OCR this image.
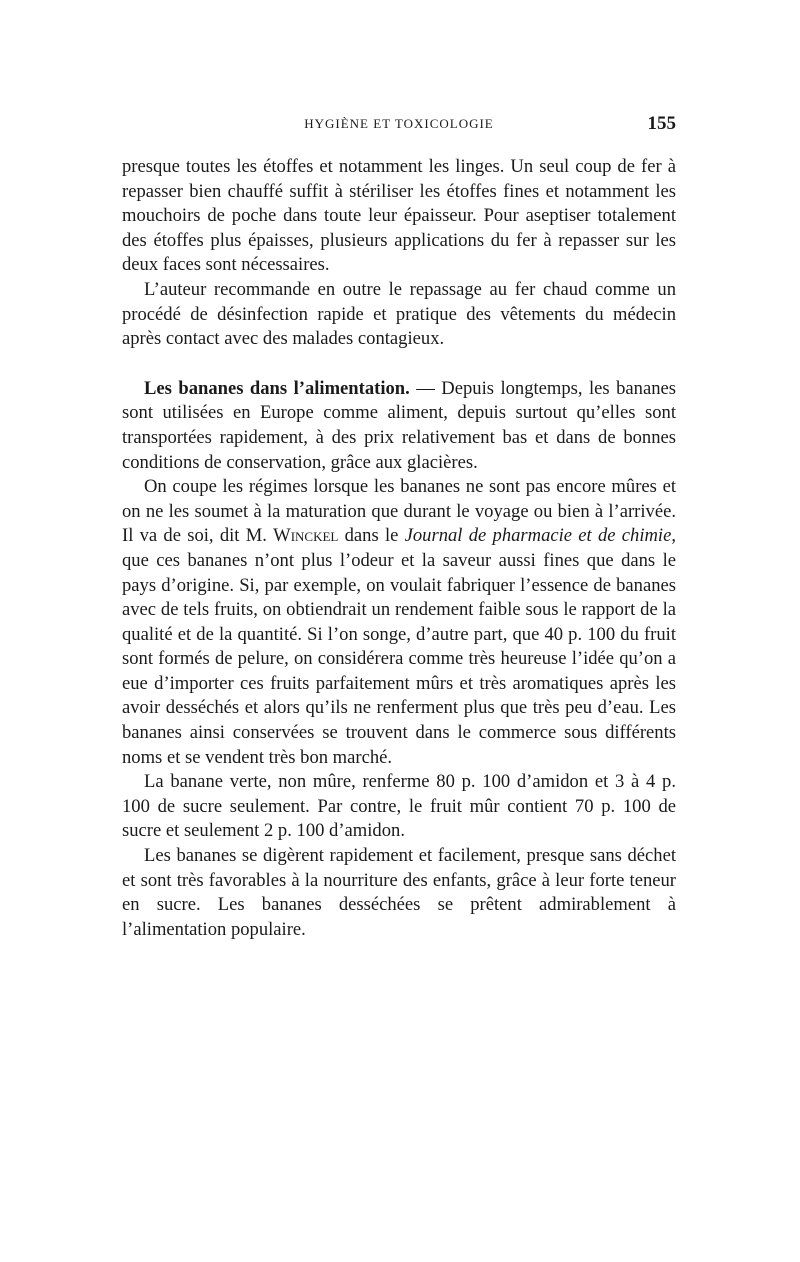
HYGIÈNE ET TOXICOLOGIE	155

presque toutes les étoffes et notamment les linges. Un seul coup de fer à repasser bien chauffé suffit à stériliser les étoffes fines et notamment les mouchoirs de poche dans toute leur épaisseur. Pour aseptiser totalement des étoffes plus épaisses, plusieurs applications du fer à repasser sur les deux faces sont nécessaires.

L’auteur recommande en outre le repassage au fer chaud comme un procédé de désinfection rapide et pratique des vêtements du médecin après contact avec des malades contagieux.

Les bananes dans l’alimentation. — Depuis longtemps, les bananes sont utilisées en Europe comme aliment, depuis surtout qu’elles sont transportées rapidement, à des prix relativement bas et dans de bonnes conditions de conservation, grâce aux glacières.

On coupe les régimes lorsque les bananes ne sont pas encore mûres et on ne les soumet à la maturation que durant le voyage ou bien à l’arrivée. Il va de soi, dit M. Winckel dans le Journal de pharmacie et de chimie, que ces bananes n’ont plus l’odeur et la saveur aussi fines que dans le pays d’origine. Si, par exemple, on voulait fabriquer l’essence de bananes avec de tels fruits, on obtiendrait un rendement faible sous le rapport de la qualité et de la quantité. Si l’on songe, d’autre part, que 40 p. 100 du fruit sont formés de pelure, on considérera comme très heureuse l’idée qu’on a eue d’importer ces fruits parfaitement mûrs et très aromatiques après les avoir desséchés et alors qu’ils ne renferment plus que très peu d’eau. Les bananes ainsi conservées se trouvent dans le commerce sous différents noms et se vendent très bon marché.

La banane verte, non mûre, renferme 80 p. 100 d’amidon et 3 à 4 p. 100 de sucre seulement. Par contre, le fruit mûr contient 70 p. 100 de sucre et seulement 2 p. 100 d’amidon.

Les bananes se digèrent rapidement et facilement, presque sans déchet et sont très favorables à la nourriture des enfants, grâce à leur forte teneur en sucre. Les bananes desséchées se prêtent admirablement à l’alimentation populaire.
